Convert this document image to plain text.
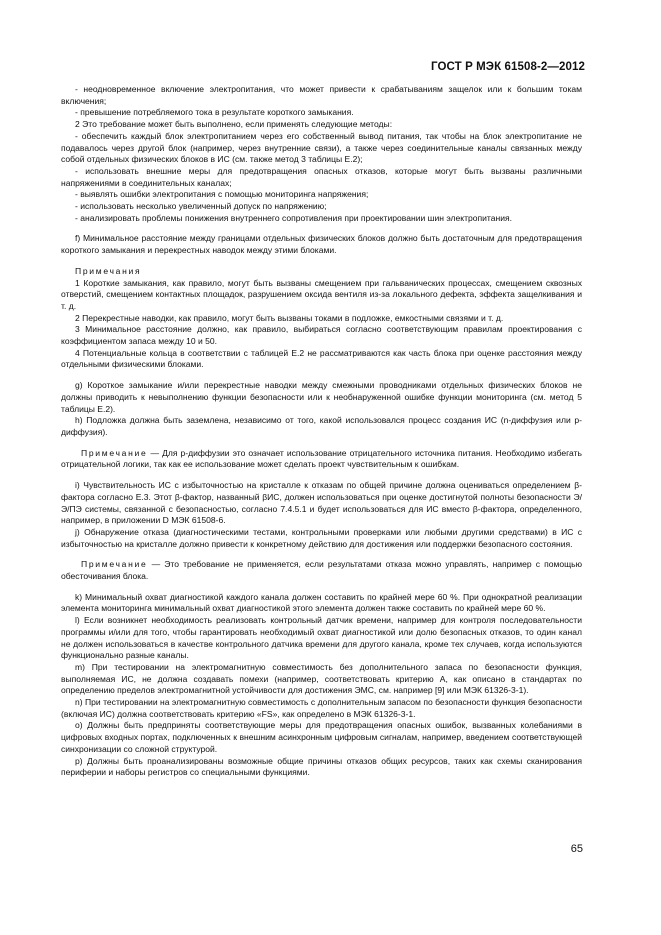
ГОСТ Р МЭК 61508-2—2012

- неодновременное включение электропитания, что может привести к срабатываниям защелок или к большим токам включения;

- превышение потребляемого тока в результате короткого замыкания.

2 Это требование может быть выполнено, если применять следующие методы:

- обеспечить каждый блок электропитанием через его собственный вывод питания, так чтобы на блок электропитание не подавалось через другой блок (например, через внутренние связи), а также через соединительные каналы связанных между собой отдельных физических блоков в ИС (см. также метод 3 таблицы Е.2);

- использовать внешние меры для предотвращения опасных отказов, которые могут быть вызваны различными напряжениями в соединительных каналах;

- выявлять ошибки электропитания с помощью мониторинга напряжения;

- использовать несколько увеличенный допуск по напряжению;

- анализировать проблемы понижения внутреннего сопротивления при проектировании шин электропитания.

f) Минимальное расстояние между границами отдельных физических блоков должно быть достаточным для предотвращения короткого замыкания и перекрестных наводок между этими блоками.

Примечания

1 Короткие замыкания, как правило, могут быть вызваны смещением при гальванических процессах, смещением сквозных отверстий, смещением контактных площадок, разрушением оксида вентиля из-за локального дефекта, эффекта защелкивания и т. д.

2 Перекрестные наводки, как правило, могут быть вызваны токами в подложке, емкостными связями и т. д.

3 Минимальное расстояние должно, как правило, выбираться согласно соответствующим правилам проектирования с коэффициентом запаса между 10 и 50.

4 Потенциальные кольца в соответствии с таблицей Е.2 не рассматриваются как часть блока при оценке расстояния между отдельными физическими блоками.

g) Короткое замыкание и/или перекрестные наводки между смежными проводниками отдельных физических блоков не должны приводить к невыполнению функции безопасности или к необнаруженной ошибке функции мониторинга (см. метод 5 таблицы Е.2).

h) Подложка должна быть заземлена, независимо от того, какой использовался процесс создания ИС (n-диффузия или p-диффузия).

Примечание — Для p-диффузии это означает использование отрицательного источника питания. Необходимо избегать отрицательной логики, так как ее использование может сделать проект чувствительным к ошибкам.

i) Чувствительность ИС с избыточностью на кристалле к отказам по общей причине должна оцениваться определением β-фактора согласно Е.3. Этот β-фактор, названный βИС, должен использоваться при оценке достигнутой полноты безопасности Э/Э/ПЭ системы, связанной с безопасностью, согласно 7.4.5.1 и будет использоваться для ИС вместо β-фактора, определенного, например, в приложении D МЭК 61508-6.

j) Обнаружение отказа (диагностическими тестами, контрольными проверками или любыми другими средствами) в ИС с избыточностью на кристалле должно привести к конкретному действию для достижения или поддержки безопасного состояния.

Примечание — Это требование не применяется, если результатами отказа можно управлять, например с помощью обесточивания блока.

k) Минимальный охват диагностикой каждого канала должен составить по крайней мере 60 %. При однократной реализации элемента мониторинга минимальный охват диагностикой этого элемента должен также составить по крайней мере 60 %.

l) Если возникнет необходимость реализовать контрольный датчик времени, например для контроля последовательности программы и/или для того, чтобы гарантировать необходимый охват диагностикой или долю безопасных отказов, то один канал не должен использоваться в качестве контрольного датчика времени для другого канала, кроме тех случаев, когда используются функционально разные каналы.

m) При тестировании на электромагнитную совместимость без дополнительного запаса по безопасности функция, выполняемая ИС, не должна создавать помехи (например, соответствовать критерию А, как описано в стандартах по определению пределов электромагнитной устойчивости для достижения ЭМС, см. например [9] или МЭК 61326-3-1).

n) При тестировании на электромагнитную совместимость с дополнительным запасом по безопасности функция безопасности (включая ИС) должна соответствовать критерию «FS», как определено в МЭК 61326-3-1.

o) Должны быть предприняты соответствующие меры для предотвращения опасных ошибок, вызванных колебаниями в цифровых входных портах, подключенных к внешним асинхронным цифровым сигналам, например, введением соответствующей синхронизации со сложной структурой.

p) Должны быть проанализированы возможные общие причины отказов общих ресурсов, таких как схемы сканирования периферии и наборы регистров со специальными функциями.

65
